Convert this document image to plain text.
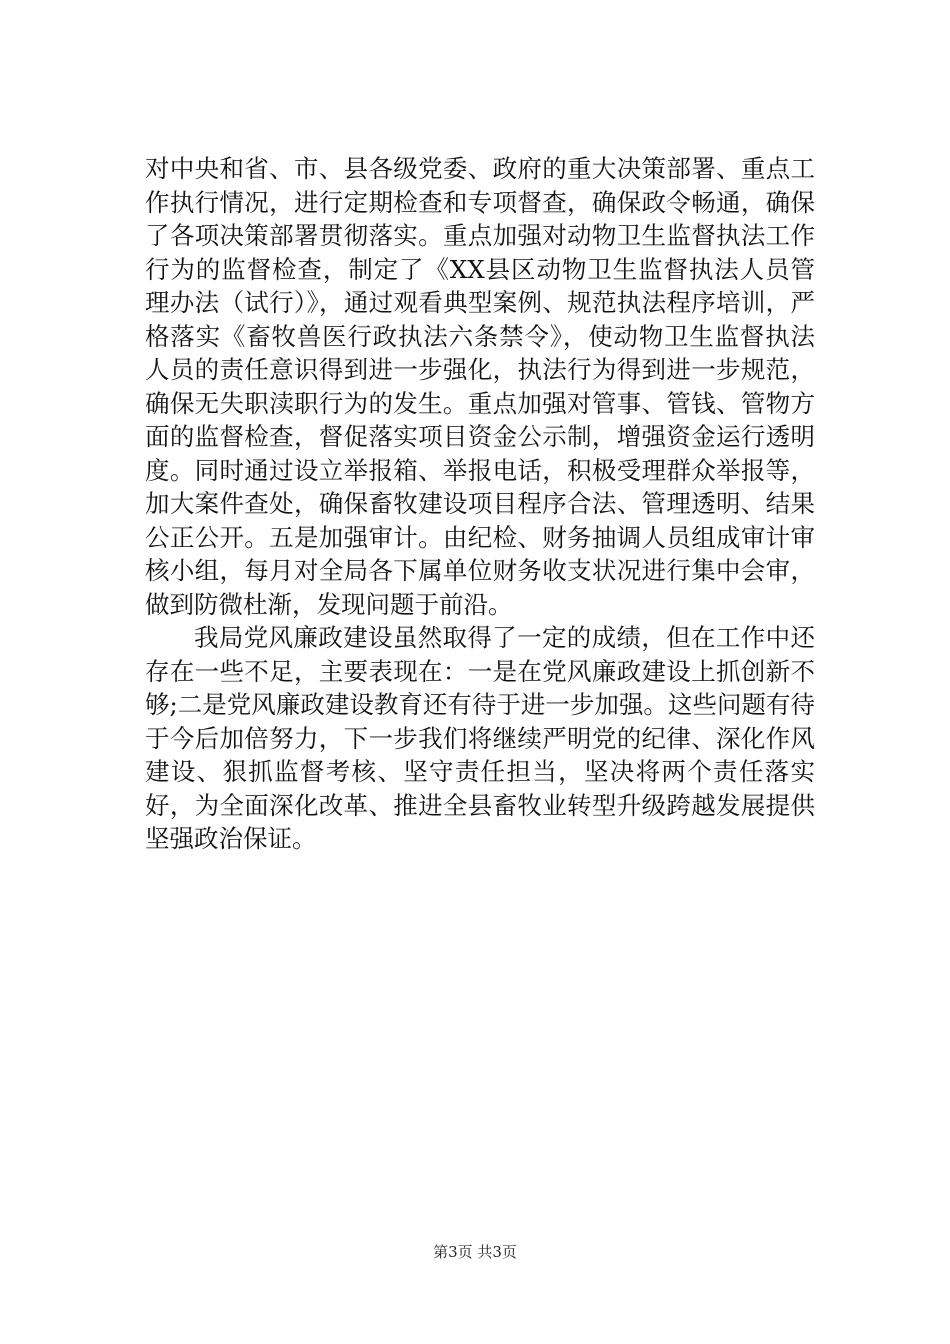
对中央和省、市、县各级党委、政府的重大决策部署、重点工作执行情况，进行定期检查和专项督查，确保政令畅通，确保了各项决策部署贯彻落实。重点加强对动物卫生监督执法工作行为的监督检查，制定了《XX县区动物卫生监督执法人员管理办法（试行）》，通过观看典型案例、规范执法程序培训，严格落实《畜牧兽医行政执法六条禁令》，使动物卫生监督执法人员的责任意识得到进一步强化，执法行为得到进一步规范，确保无失职渎职行为的发生。重点加强对管事、管钱、管物方面的监督检查，督促落实项目资金公示制，增强资金运行透明度。同时通过设立举报箱、举报电话，积极受理群众举报等，加大案件查处，确保畜牧建设项目程序合法、管理透明、结果公正公开。五是加强审计。由纪检、财务抽调人员组成审计审核小组，每月对全局各下属单位财务收支状况进行集中会审，做到防微杜渐，发现问题于前沿。

我局党风廉政建设虽然取得了一定的成绩，但在工作中还存在一些不足，主要表现在：一是在党风廉政建设上抓创新不够;二是党风廉政建设教育还有待于进一步加强。这些问题有待于今后加倍努力，下一步我们将继续严明党的纪律、深化作风建设、狠抓监督考核、坚守责任担当，坚决将两个责任落实好，为全面深化改革、推进全县畜牧业转型升级跨越发展提供坚强政治保证。

第3页 共3页
